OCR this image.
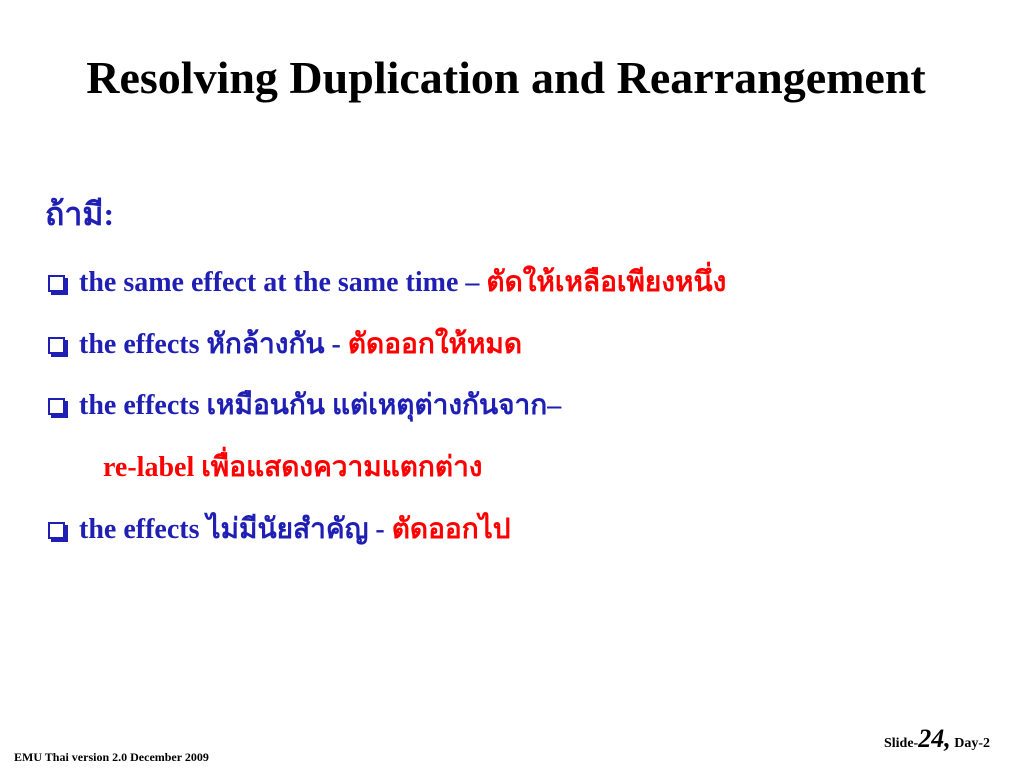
Resolving Duplication and Rearrangement
ถ้ามี:
the same effect at the same time – ตัดให้เหลือเพียงหนึ่ง
the effects หักล้างกัน - ตัดออกให้หมด
the effects เหมือนกัน แต่เหตุต่างกันจาก–
re-label เพื่อแสดงความแตกต่าง
the effects ไม่มีนัยสำคัญ - ตัดออกไป
Slide-24, Day-2
EMU Thai version 2.0 December 2009
